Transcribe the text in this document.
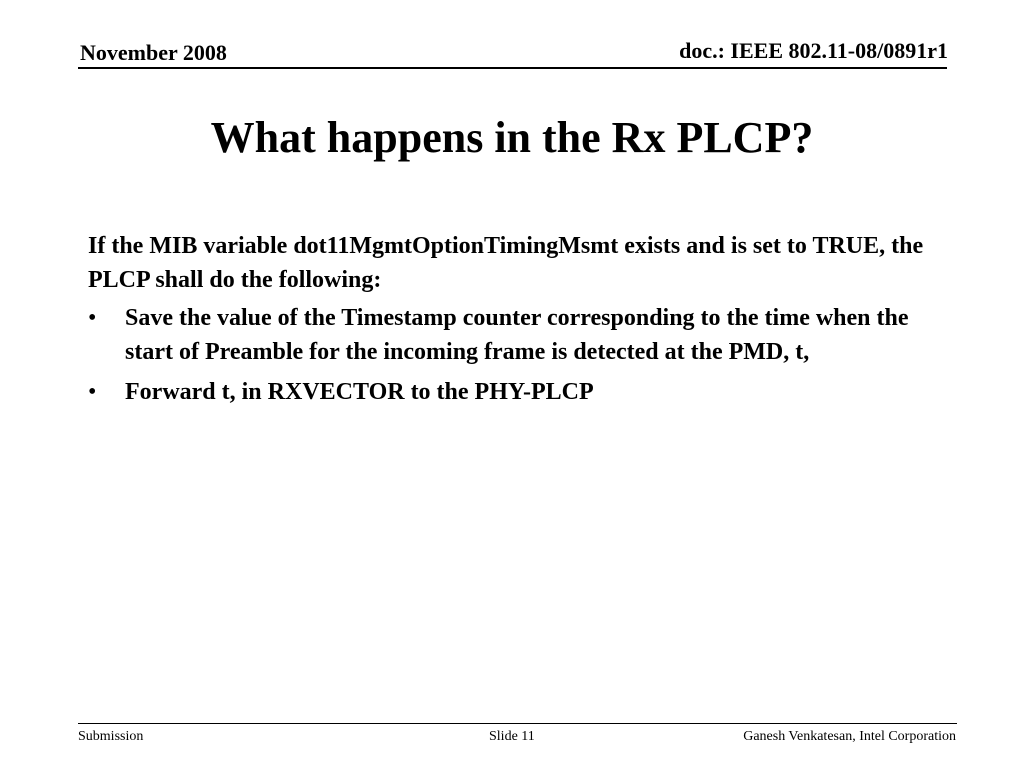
November 2008	doc.: IEEE 802.11-08/0891r1
What happens in the Rx PLCP?

If the MIB variable dot11MgmtOptionTimingMsmt exists and is set to TRUE, the PLCP shall do the following:

• Save the value of the Timestamp counter corresponding to the time when the start of Preamble for the incoming frame is detected at the PMD, t,
• Forward t, in RXVECTOR to the PHY-PLCP
Submission	Slide 11	Ganesh Venkatesan, Intel Corporation
